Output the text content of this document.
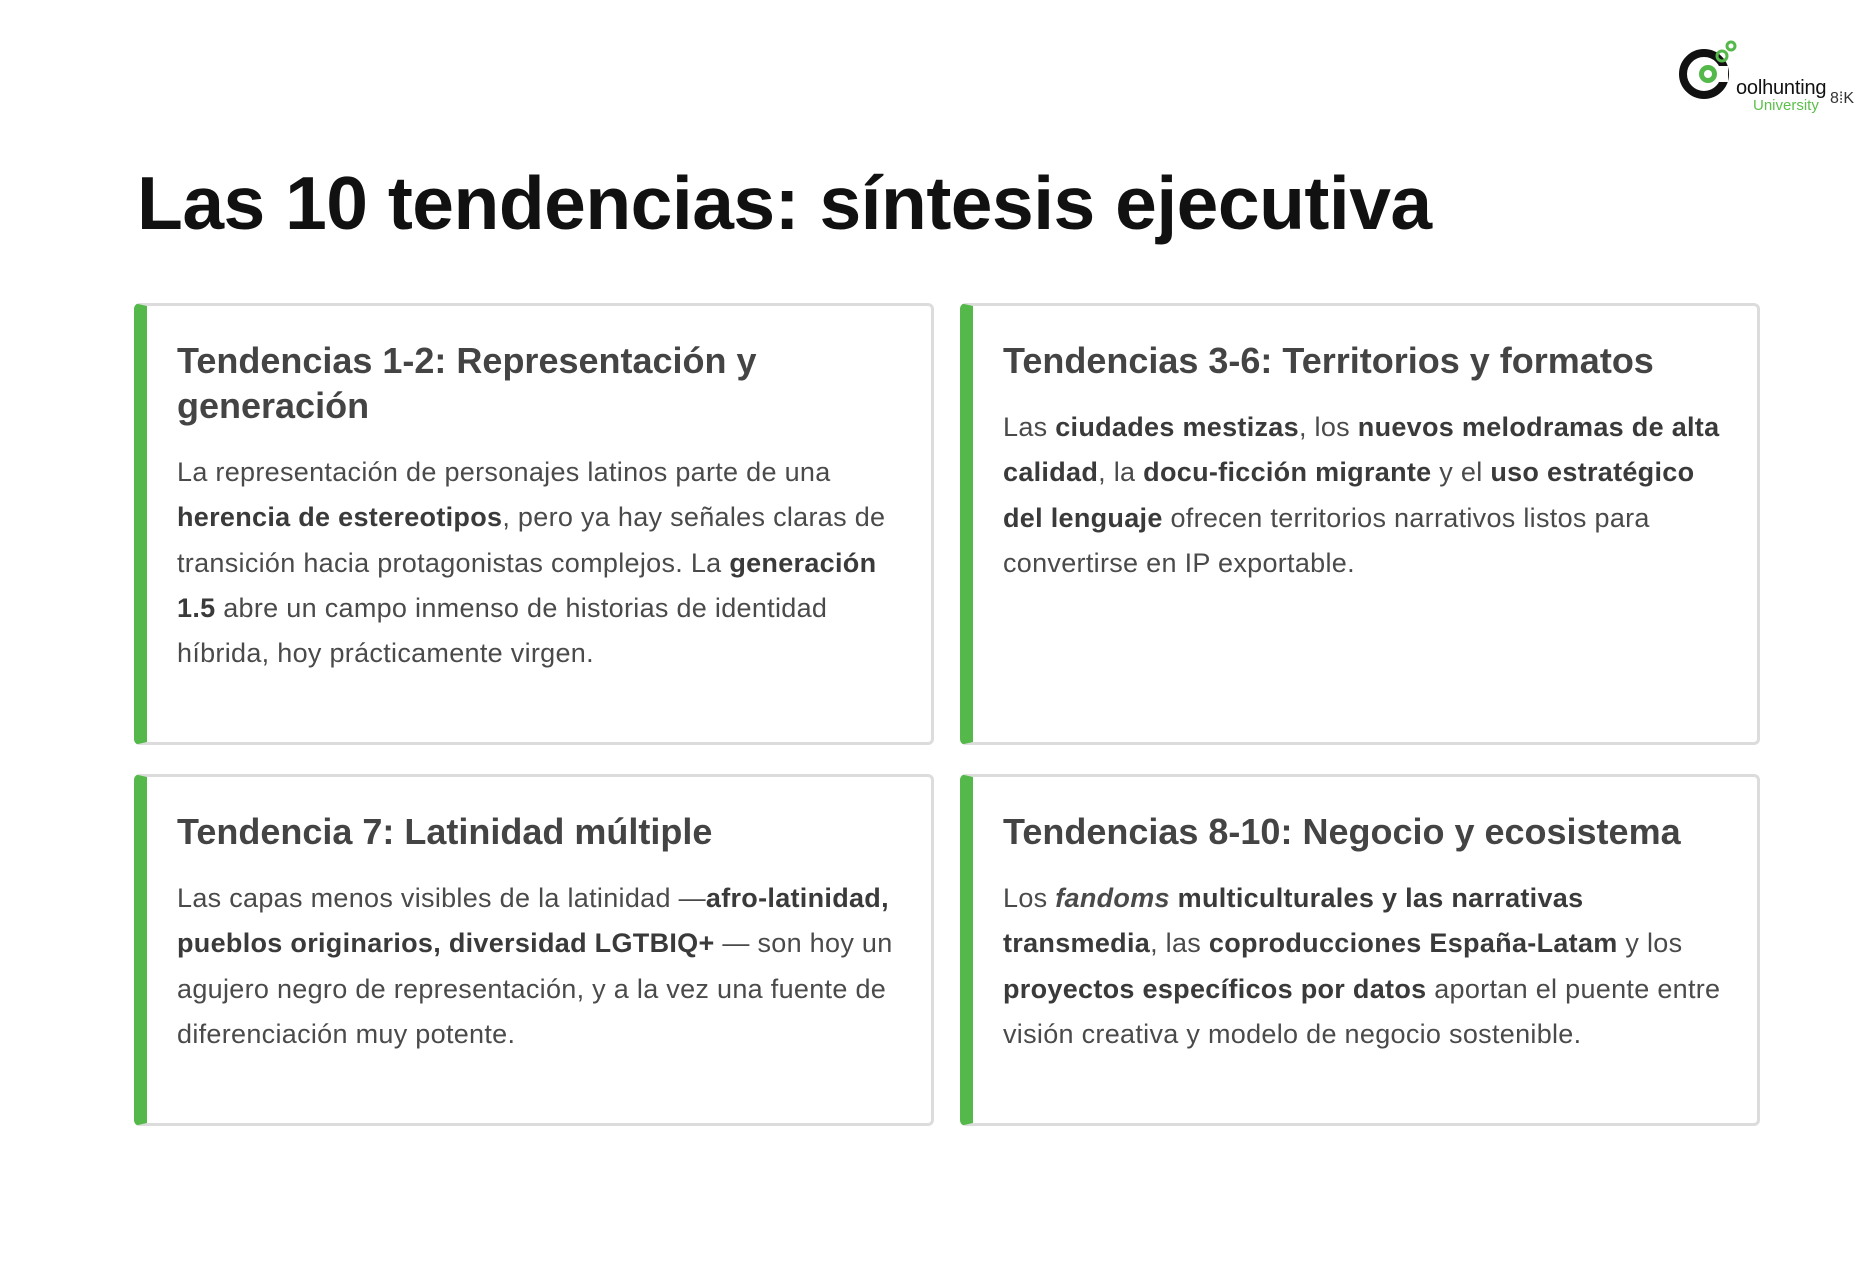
oolhunting
University 8⁞K
Las 10 tendencias: síntesis ejecutiva
Tendencias 1-2: Representación y generación

La representación de personajes latinos parte de una herencia de estereotipos, pero ya hay señales claras de transición hacia protagonistas complejos. La generación 1.5 abre un campo inmenso de historias de identidad híbrida, hoy prácticamente virgen.

Tendencias 3-6: Territorios y formatos

Las ciudades mestizas, los nuevos melodramas de alta calidad, la docu-ficción migrante y el uso estratégico del lenguaje ofrecen territorios narrativos listos para convertirse en IP exportable.

Tendencia 7: Latinidad múltiple

Las capas menos visibles de la latinidad —afro-latinidad, pueblos originarios, diversidad LGTBIQ+ — son hoy un agujero negro de representación, y a la vez una fuente de diferenciación muy potente.

Tendencias 8-10: Negocio y ecosistema

Los fandoms multiculturales y las narrativas transmedia, las coproducciones España-Latam y los proyectos específicos por datos aportan el puente entre visión creativa y modelo de negocio sostenible.
